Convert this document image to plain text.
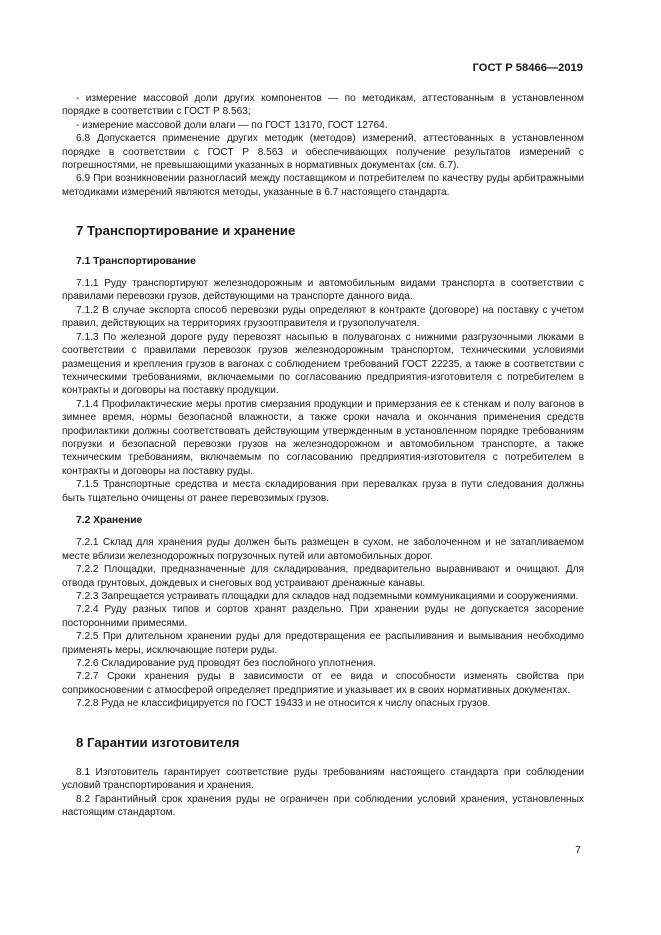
ГОСТ Р 58466—2019

- измерение массовой доли других компонентов — по методикам, аттестованным в установленном порядке в соответствии с ГОСТ Р 8.563;

- измерение массовой доли влаги — по ГОСТ 13170, ГОСТ 12764.

6.8 Допускается применение других методик (методов) измерений, аттестованных в установленном порядке в соответствии с ГОСТ Р 8.563 и обеспечивающих получение результатов измерений с погрешностями, не превышающими указанных в нормативных документах (см. 6.7).

6.9 При возникновении разногласий между поставщиком и потребителем по качеству руды арбитражными методиками измерений являются методы, указанные в 6.7 настоящего стандарта.

7 Транспортирование и хранение
7.1 Транспортирование

7.1.1 Руду транспортируют железнодорожным и автомобильным видами транспорта в соответствии с правилами перевозки грузов, действующими на транспорте данного вида.

7.1.2 В случае экспорта способ перевозки руды определяют в контракте (договоре) на поставку с учетом правил, действующих на территориях грузоотправителя и грузополучателя.

7.1.3 По железной дороге руду перевозят насыпью в полувагонах с нижними разгрузочными люками в соответствии с правилами перевозок грузов железнодорожным транспортом, техническими условиями размещения и крепления грузов в вагонах с соблюдением требований ГОСТ 22235, а также в соответствии с техническими требованиями, включаемыми по согласованию предприятия-изготовителя с потребителем в контракты и договоры на поставку продукции.

7.1.4 Профилактические меры против смерзания продукции и примерзания ее к стенкам и полу вагонов в зимнее время, нормы безопасной влажности, а также сроки начала и окончания применения средств профилактики должны соответствовать действующим утвержденным в установленном порядке требованиям погрузки и безопасной перевозки грузов на железнодорожном и автомобильном транспорте, а также техническим требованиям, включаемым по согласованию предприятия-изготовителя с потребителем в контракты и договоры на поставку руды.

7.1.5 Транспортные средства и места складирования при перевалках груза в пути следования должны быть тщательно очищены от ранее перевозимых грузов.

7.2 Хранение

7.2.1 Склад для хранения руды должен быть размещен в сухом, не заболоченном и не затапливаемом месте вблизи железнодорожных погрузочных путей или автомобильных дорог.

7.2.2 Площадки, предназначенные для складирования, предварительно выравнивают и очищают. Для отвода грунтовых, дождевых и снеговых вод устраивают дренажные канавы.

7.2.3 Запрещается устраивать площадки для складов над подземными коммуникациями и сооружениями.

7.2.4 Руду разных типов и сортов хранят раздельно. При хранении руды не допускается засорение посторонними примесями.

7.2.5 При длительном хранении руды для предотвращения ее распыливания и вымывания необходимо применять меры, исключающие потери руды.

7.2.6 Складирование руд проводят без послойного уплотнения.

7.2.7 Сроки хранения руды в зависимости от ее вида и способности изменять свойства при соприкосновении с атмосферой определяет предприятие и указывает их в своих нормативных документах.

7.2.8 Руда не классифицируется по ГОСТ 19433 и не относится к числу опасных грузов.

8 Гарантии изготовителя

8.1 Изготовитель гарантирует соответствие руды требованиям настоящего стандарта при соблюдении условий транспортирования и хранения.

8.2 Гарантийный срок хранения руды не ограничен при соблюдении условий хранения, установленных настоящим стандартом.

7
